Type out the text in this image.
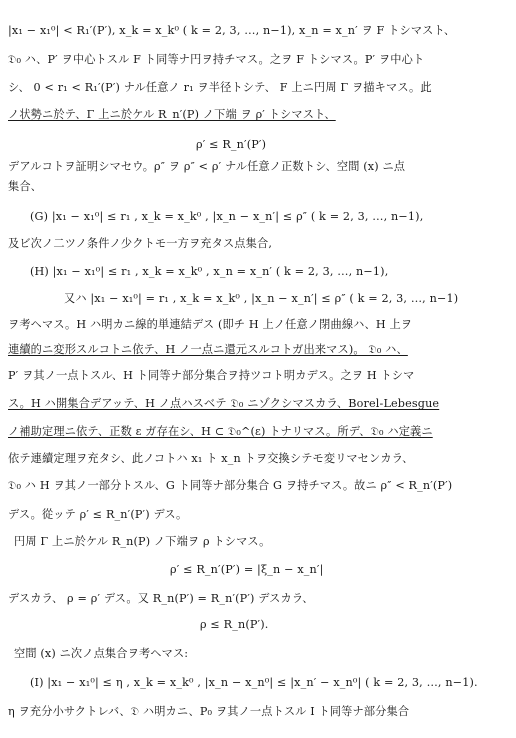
|x₁ − x₁⁰| < R₁′(P′), x_k = x_k⁰ ( k = 2, 3, …, n−1), x_n = x_n′ ヲ F トシマスト、
𝔇₀ ハ、P′ ヲ中心トスル F ト同等ナ円ヲ持チマス。之ヲ F トシマス。P′ ヲ中心ト
シ、 0 < r₁ < R₁′(P′) ナル任意ノ r₁ ヲ半径トシテ、 F 上ニ円周 Γ ヲ描キマス。此
ノ状勢ニ於テ、Γ 上ニ於ケル R_n′(P) ノ下端 ヲ ρ′ トシマスト、
ρ′ ≤ R_n′(P′)
デアルコトヲ証明シマセウ。ρ″ ヲ ρ″ < ρ′ ナル任意ノ正数トシ、空間 (x) ニ点
集合、
(G) |x₁ − x₁⁰| ≤ r₁ , x_k = x_k⁰ , |x_n − x_n′| ≤ ρ″ ( k = 2, 3, …, n−1),
及ビ次ノ二ツノ条件ノ少クトモ一方ヲ充タス点集合,
(H) |x₁ − x₁⁰| ≤ r₁ , x_k = x_k⁰ , x_n = x_n′ ( k = 2, 3, …, n−1),
又ハ |x₁ − x₁⁰| = r₁ , x_k = x_k⁰ , |x_n − x_n′| ≤ ρ″ ( k = 2, 3, …, n−1)
ヲ考ヘマス。H ハ明カニ線的単連結デス (即チ H 上ノ任意ノ閉曲線ハ、H 上ヲ
連續的ニ変形スルコトニ依テ、H ノ一点ニ還元スルコトガ出来マス)。 𝔇₀ ハ、
P′ ヲ其ノ一点トスル、H ト同等ナ部分集合ヲ持ツコト明カデス。之ヲ H トシマ
ス。H ハ開集合デアッテ、H ノ点ハスベテ 𝔇₀ ニゾクシマスカラ、Borel-Lebesgue
ノ補助定理ニ依テ、正数 ε ガ存在シ、H ⊂ 𝔇₀^(ε) トナリマス。所デ、𝔇₀ ハ定義ニ
依テ連續定理ヲ充タシ、此ノコトハ x₁ ト x_n トヲ交換シテモ変リマセンカラ、
𝔇₀ ハ H ヲ其ノ一部分トスル、G ト同等ナ部分集合 G ヲ持チマス。故ニ ρ″ < R_n′(P′)
デス。從ッテ ρ′ ≤ R_n′(P′) デス。
円周 Γ 上ニ於ケル R_n(P) ノ下端ヲ ρ トシマス。
ρ′ ≤ R_n′(P′) = |ξ_n − x_n′|
デスカラ、 ρ = ρ′ デス。又 R_n(P′) = R_n′(P′) デスカラ、
ρ ≤ R_n(P′).
空間 (x) ニ次ノ点集合ヲ考ヘマス:
(I) |x₁ − x₁⁰| ≤ η , x_k = x_k⁰ , |x_n − x_n⁰| ≤ |x_n′ − x_n⁰| ( k = 2, 3, …, n−1).
η ヲ充分小サクトレバ、𝔇 ハ明カニ、P₀ ヲ其ノ一点トスル I ト同等ナ部分集合
